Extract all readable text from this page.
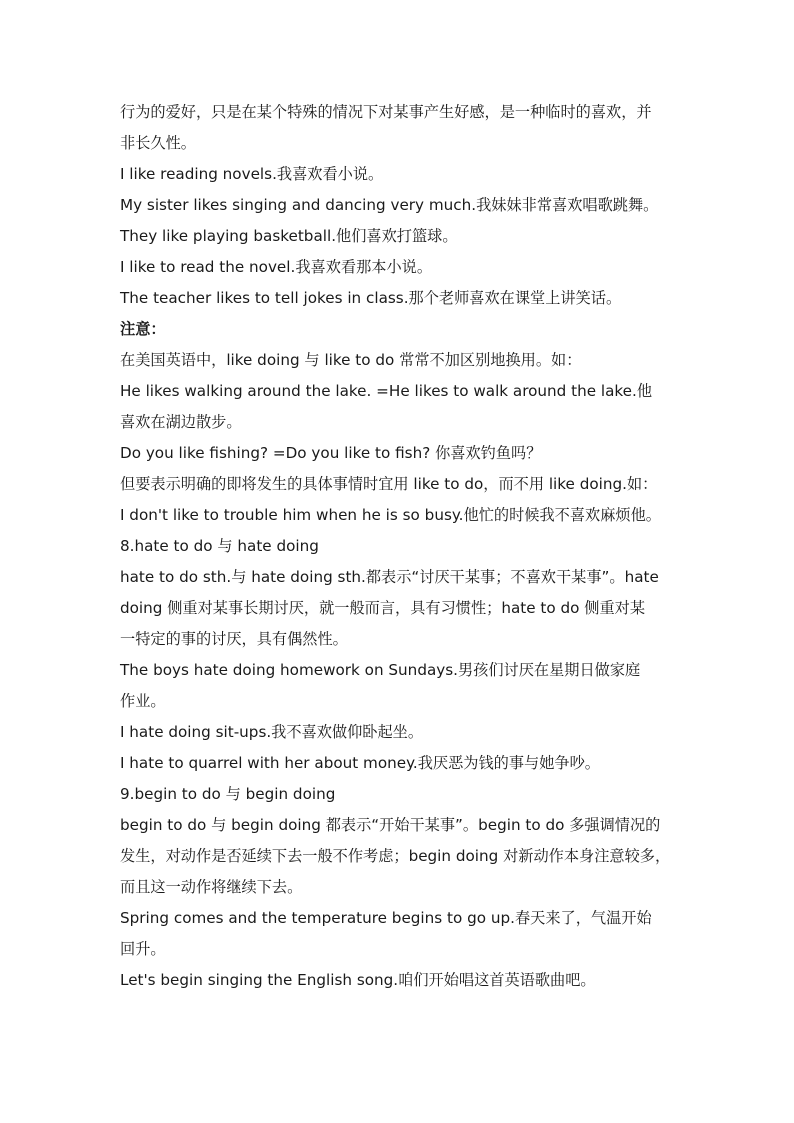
行为的爱好，只是在某个特殊的情况下对某事产生好感，是一种临时的喜欢，并
非长久性。
I like reading novels.我喜欢看小说。
My sister likes singing and dancing very much.我妹妹非常喜欢唱歌跳舞。
They like playing basketball.他们喜欢打篮球。
I like to read the novel.我喜欢看那本小说。
The teacher likes to tell jokes in class.那个老师喜欢在课堂上讲笑话。
注意：
在美国英语中，like doing 与 like to do 常常不加区别地换用。如：
He likes walking around the lake. =He likes to walk around the lake.他
喜欢在湖边散步。
Do you like fishing? =Do you like to fish? 你喜欢钓鱼吗？
但要表示明确的即将发生的具体事情时宜用 like to do，而不用 like doing.如：
I don't like to trouble him when he is so busy.他忙的时候我不喜欢麻烦他。
8.hate to do 与 hate doing
hate to do sth.与 hate doing sth.都表示“讨厌干某事；不喜欢干某事”。hate
doing 侧重对某事长期讨厌，就一般而言，具有习惯性；hate to do 侧重对某
一特定的事的讨厌，具有偶然性。
The boys hate doing homework on Sundays.男孩们讨厌在星期日做家庭
作业。
I hate doing sit-ups.我不喜欢做仰卧起坐。
I hate to quarrel with her about money.我厌恶为钱的事与她争吵。
9.begin to do 与 begin doing
begin to do 与 begin doing 都表示“开始干某事”。begin to do 多强调情况的
发生，对动作是否延续下去一般不作考虑；begin doing 对新动作本身注意较多，
而且这一动作将继续下去。
Spring comes and the temperature begins to go up.春天来了，气温开始
回升。
Let's begin singing the English song.咱们开始唱这首英语歌曲吧。
